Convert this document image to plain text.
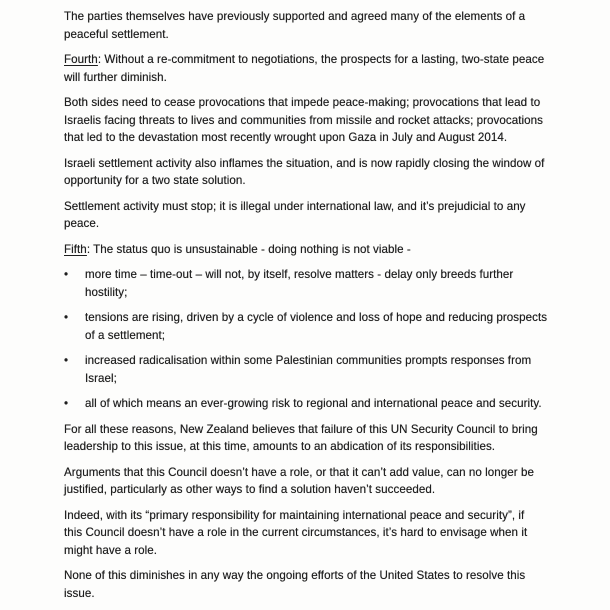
The parties themselves have previously supported and agreed many of the elements of a
peaceful settlement.

Fourth: Without a re-commitment to negotiations, the prospects for a lasting, two-state peace
will further diminish.

Both sides need to cease provocations that impede peace-making; provocations that lead to
Israelis facing threats to lives and communities from missile and rocket attacks; provocations
that led to the devastation most recently wrought upon Gaza in July and August 2014.

Israeli settlement activity also inflames the situation, and is now rapidly closing the window of
opportunity for a two state solution.

Settlement activity must stop; it is illegal under international law, and it’s prejudicial to any
peace.

Fifth: The status quo is unsustainable - doing nothing is not viable -

•	more time – time-out – will not, by itself, resolve matters - delay only breeds further
hostility;
•	tensions are rising, driven by a cycle of violence and loss of hope and reducing prospects
of a settlement;
•	increased radicalisation within some Palestinian communities prompts responses from
Israel;
•	all of which means an ever-growing risk to regional and international peace and security.

For all these reasons, New Zealand believes that failure of this UN Security Council to bring
leadership to this issue, at this time, amounts to an abdication of its responsibilities.

Arguments that this Council doesn’t have a role, or that it can’t add value, can no longer be
justified, particularly as other ways to find a solution haven’t succeeded.

Indeed, with its “primary responsibility for maintaining international peace and security”, if
this Council doesn’t have a role in the current circumstances, it’s hard to envisage when it
might have a role.

None of this diminishes in any way the ongoing efforts of the United States to resolve this
issue.
